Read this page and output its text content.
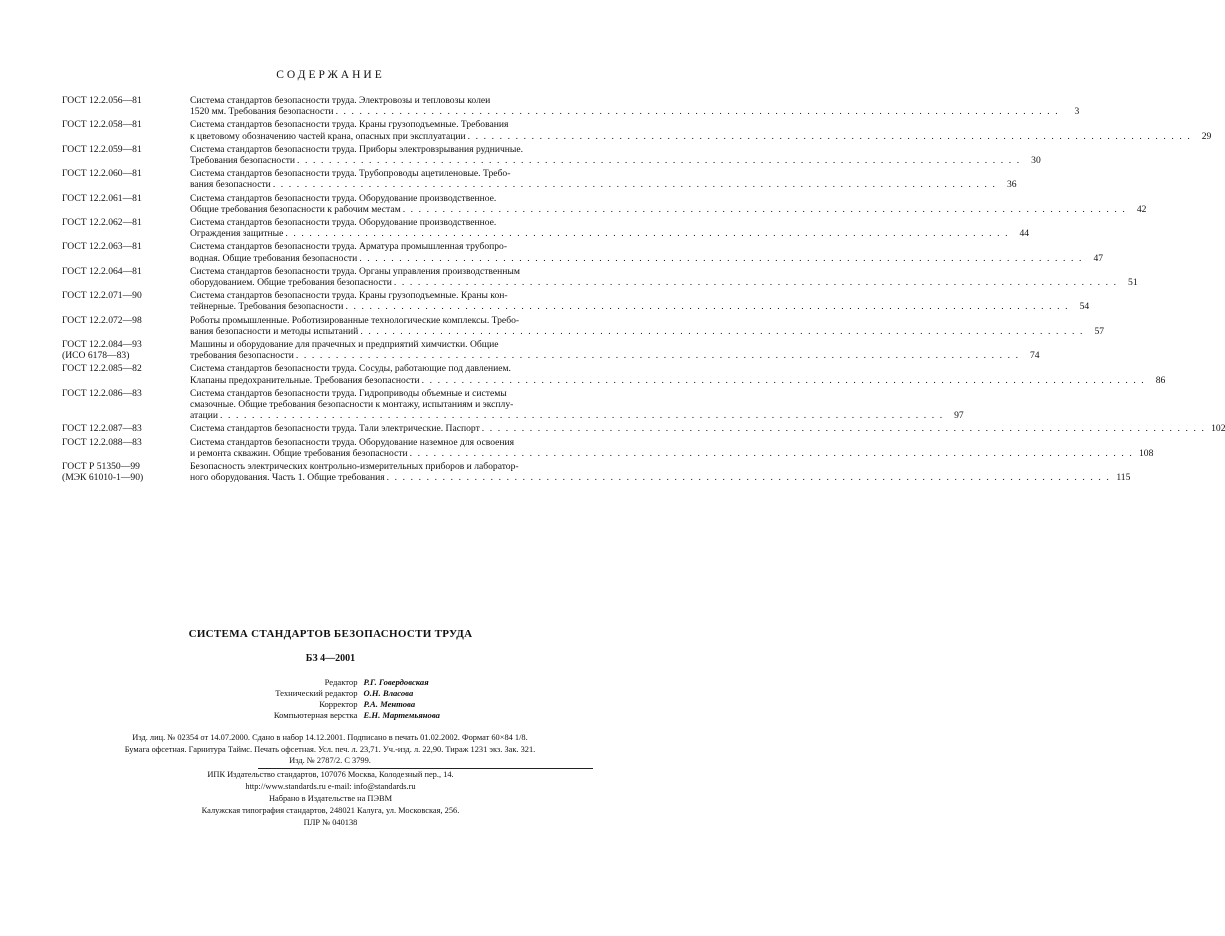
СОДЕРЖАНИЕ
ГОСТ 12.2.056—81	Система стандартов безопасности труда. Электровозы и тепловозы колеи
1520 мм. Требования безопасности . . .	3
ГОСТ 12.2.058—81	Система стандартов безопасности труда. Краны грузоподъемные. Требования
к цветовому обозначению частей крана, опасных при эксплуатации . . .	29
ГОСТ 12.2.059—81	Система стандартов безопасности труда. Приборы электровзрывания рудничные.
Требования безопасности . . .	30
ГОСТ 12.2.060—81	Система стандартов безопасности труда. Трубопроводы ацетиленовые. Требо-
вания безопасности . . .	36
ГОСТ 12.2.061—81	Система стандартов безопасности труда. Оборудование производственное.
Общие требования безопасности к рабочим местам . . .	42
ГОСТ 12.2.062—81	Система стандартов безопасности труда. Оборудование производственное.
Ограждения защитные . . .	44
ГОСТ 12.2.063—81	Система стандартов безопасности труда. Арматура промышленная трубопро-
водная. Общие требования безопасности . . .	47
ГОСТ 12.2.064—81	Система стандартов безопасности труда. Органы управления производственным
оборудованием. Общие требования безопасности . . .	51
ГОСТ 12.2.071—90	Система стандартов безопасности труда. Краны грузоподъемные. Краны кон-
тейнерные. Требования безопасности . . .	54
ГОСТ 12.2.072—98	Роботы промышленные. Роботизированные технологические комплексы. Требо-
вания безопасности и методы испытаний . . .	57
ГОСТ 12.2.084—93
(ИСО 6178—83)
Машины и оборудование для прачечных и предприятий химчистки. Общие
требования безопасности . . .	74
ГОСТ 12.2.085—82	Система стандартов безопасности труда. Сосуды, работающие под давлением.
Клапаны предохранительные. Требования безопасности . . .	86
ГОСТ 12.2.086—83	Система стандартов безопасности труда. Гидроприводы объемные и системы
смазочные. Общие требования безопасности к монтажу, испытаниям и эксплу-
атации . . .	97
ГОСТ 12.2.087—83	Система стандартов безопасности труда. Тали электрические. Паспорт . . .	102
ГОСТ 12.2.088—83	Система стандартов безопасности труда. Оборудование наземное для освоения
и ремонта скважин. Общие требования безопасности . . .	108
ГОСТ Р 51350—99
(МЭК 61010-1—90)
Безопасность электрических контрольно-измерительных приборов и лаборатор-
ного оборудования. Часть 1. Общие требования . . .	115
СИСТЕМА СТАНДАРТОВ БЕЗОПАСНОСТИ ТРУДА
БЗ 4—2001
Редактор Р.Г. Говердовская
Технический редактор О.Н. Власова
Корректор Р.А. Ментова
Компьютерная верстка Е.Н. Мартемьянова
Изд. лиц. № 02354 от 14.07.2000. Сдано в набор 14.12.2001. Подписано в печать 01.02.2002. Формат 60×84 1/8.
Бумага офсетная. Гарнитура Таймс. Печать офсетная. Усл. печ. л. 23,71. Уч.-изд. л. 22,90. Тираж 1231 экз. Зак. 321.
Изд. № 2787/2. С 3799.
ИПК Издательство стандартов, 107076 Москва, Колодезный пер., 14.
http://www.standards.ru e-mail: info@standards.ru
Набрано в Издательстве на ПЭВМ
Калужская типография стандартов, 248021 Калуга, ул. Московская, 256.
ПЛР № 040138
